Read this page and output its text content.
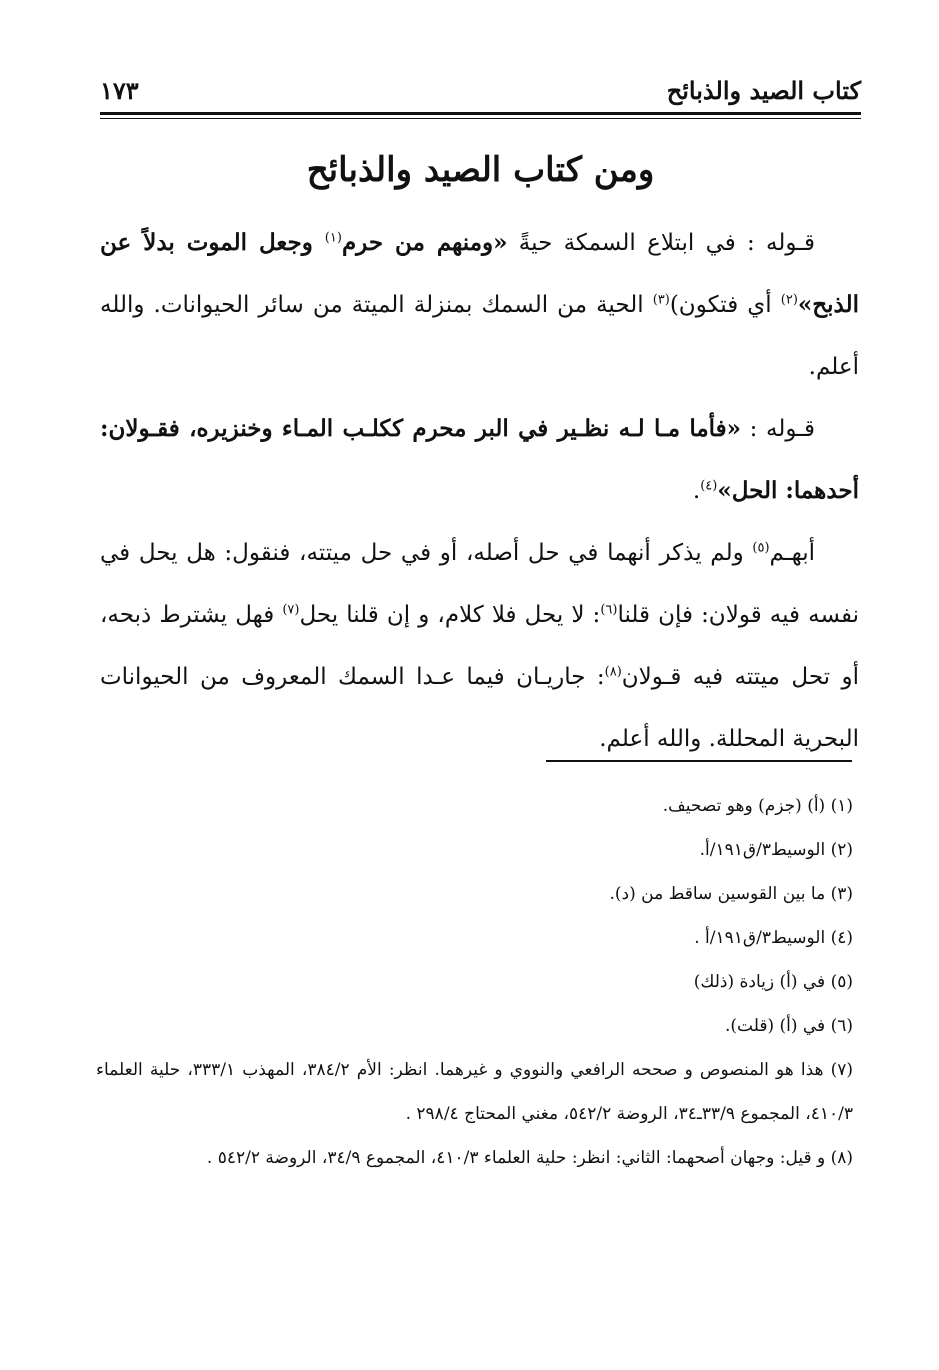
كتاب الصيد والذبائح
١٧٣
ومن كتاب الصيد والذبائح

قـوله : في ابتلاع السمكة حيةً «ومنهم من حرم$^{(١)}$ وجعل الموت بدلاً عن الذبح»$^{(٢)}$ أي فتكون)$^{(٣)}$ الحية من السمك بمنزلة الميتة من سائر الحيوانات. والله أعلم.

قـوله : «فأما مـا لـه نظـير في البر محرم ككلـب المـاء وخنزيره، فقـولان: أحدهما: الحل»$^{(٤)}$.

أبهـم$^{(٥)}$ ولم يذكر أنهما في حل أصله، أو في حل ميتته، فنقول: هل يحل في نفسه فيه قولان: فإن قلنا$^{(٦)}$: لا يحل فلا كلام، و إن قلنا يحل$^{(٧)}$ فهل يشترط ذبحه، أو تحل ميتته فيه قـولان$^{(٨)}$: جاريـان فيما عـدا السمك المعروف من الحيوانات البحرية المحللة. والله أعلم.

(١) (أ) (جزم) وهو تصحيف.
(٢) الوسيط٣/ق١٩١/أ.
(٣) ما بين القوسين ساقط من (د).
(٤) الوسيط٣/ق١٩١/أ .
(٥) في (أ) زيادة (ذلك)
(٦) في (أ) (قلت).
(٧) هذا هو المنصوص و صححه الرافعي والنووي و غيرهما. انظر: الأم ٣٨٤/٢، المهذب ٣٣٣/١، حلية العلماء ٤١٠/٣، المجموع ٣٣/٩ـ٣٤، الروضة ٥٤٢/٢، مغني المحتاج ٢٩٨/٤ .
(٨) و قيل: وجهان أصحهما: الثاني: انظر: حلية العلماء ٤١٠/٣، المجموع ٣٤/٩، الروضة ٥٤٢/٢ .
